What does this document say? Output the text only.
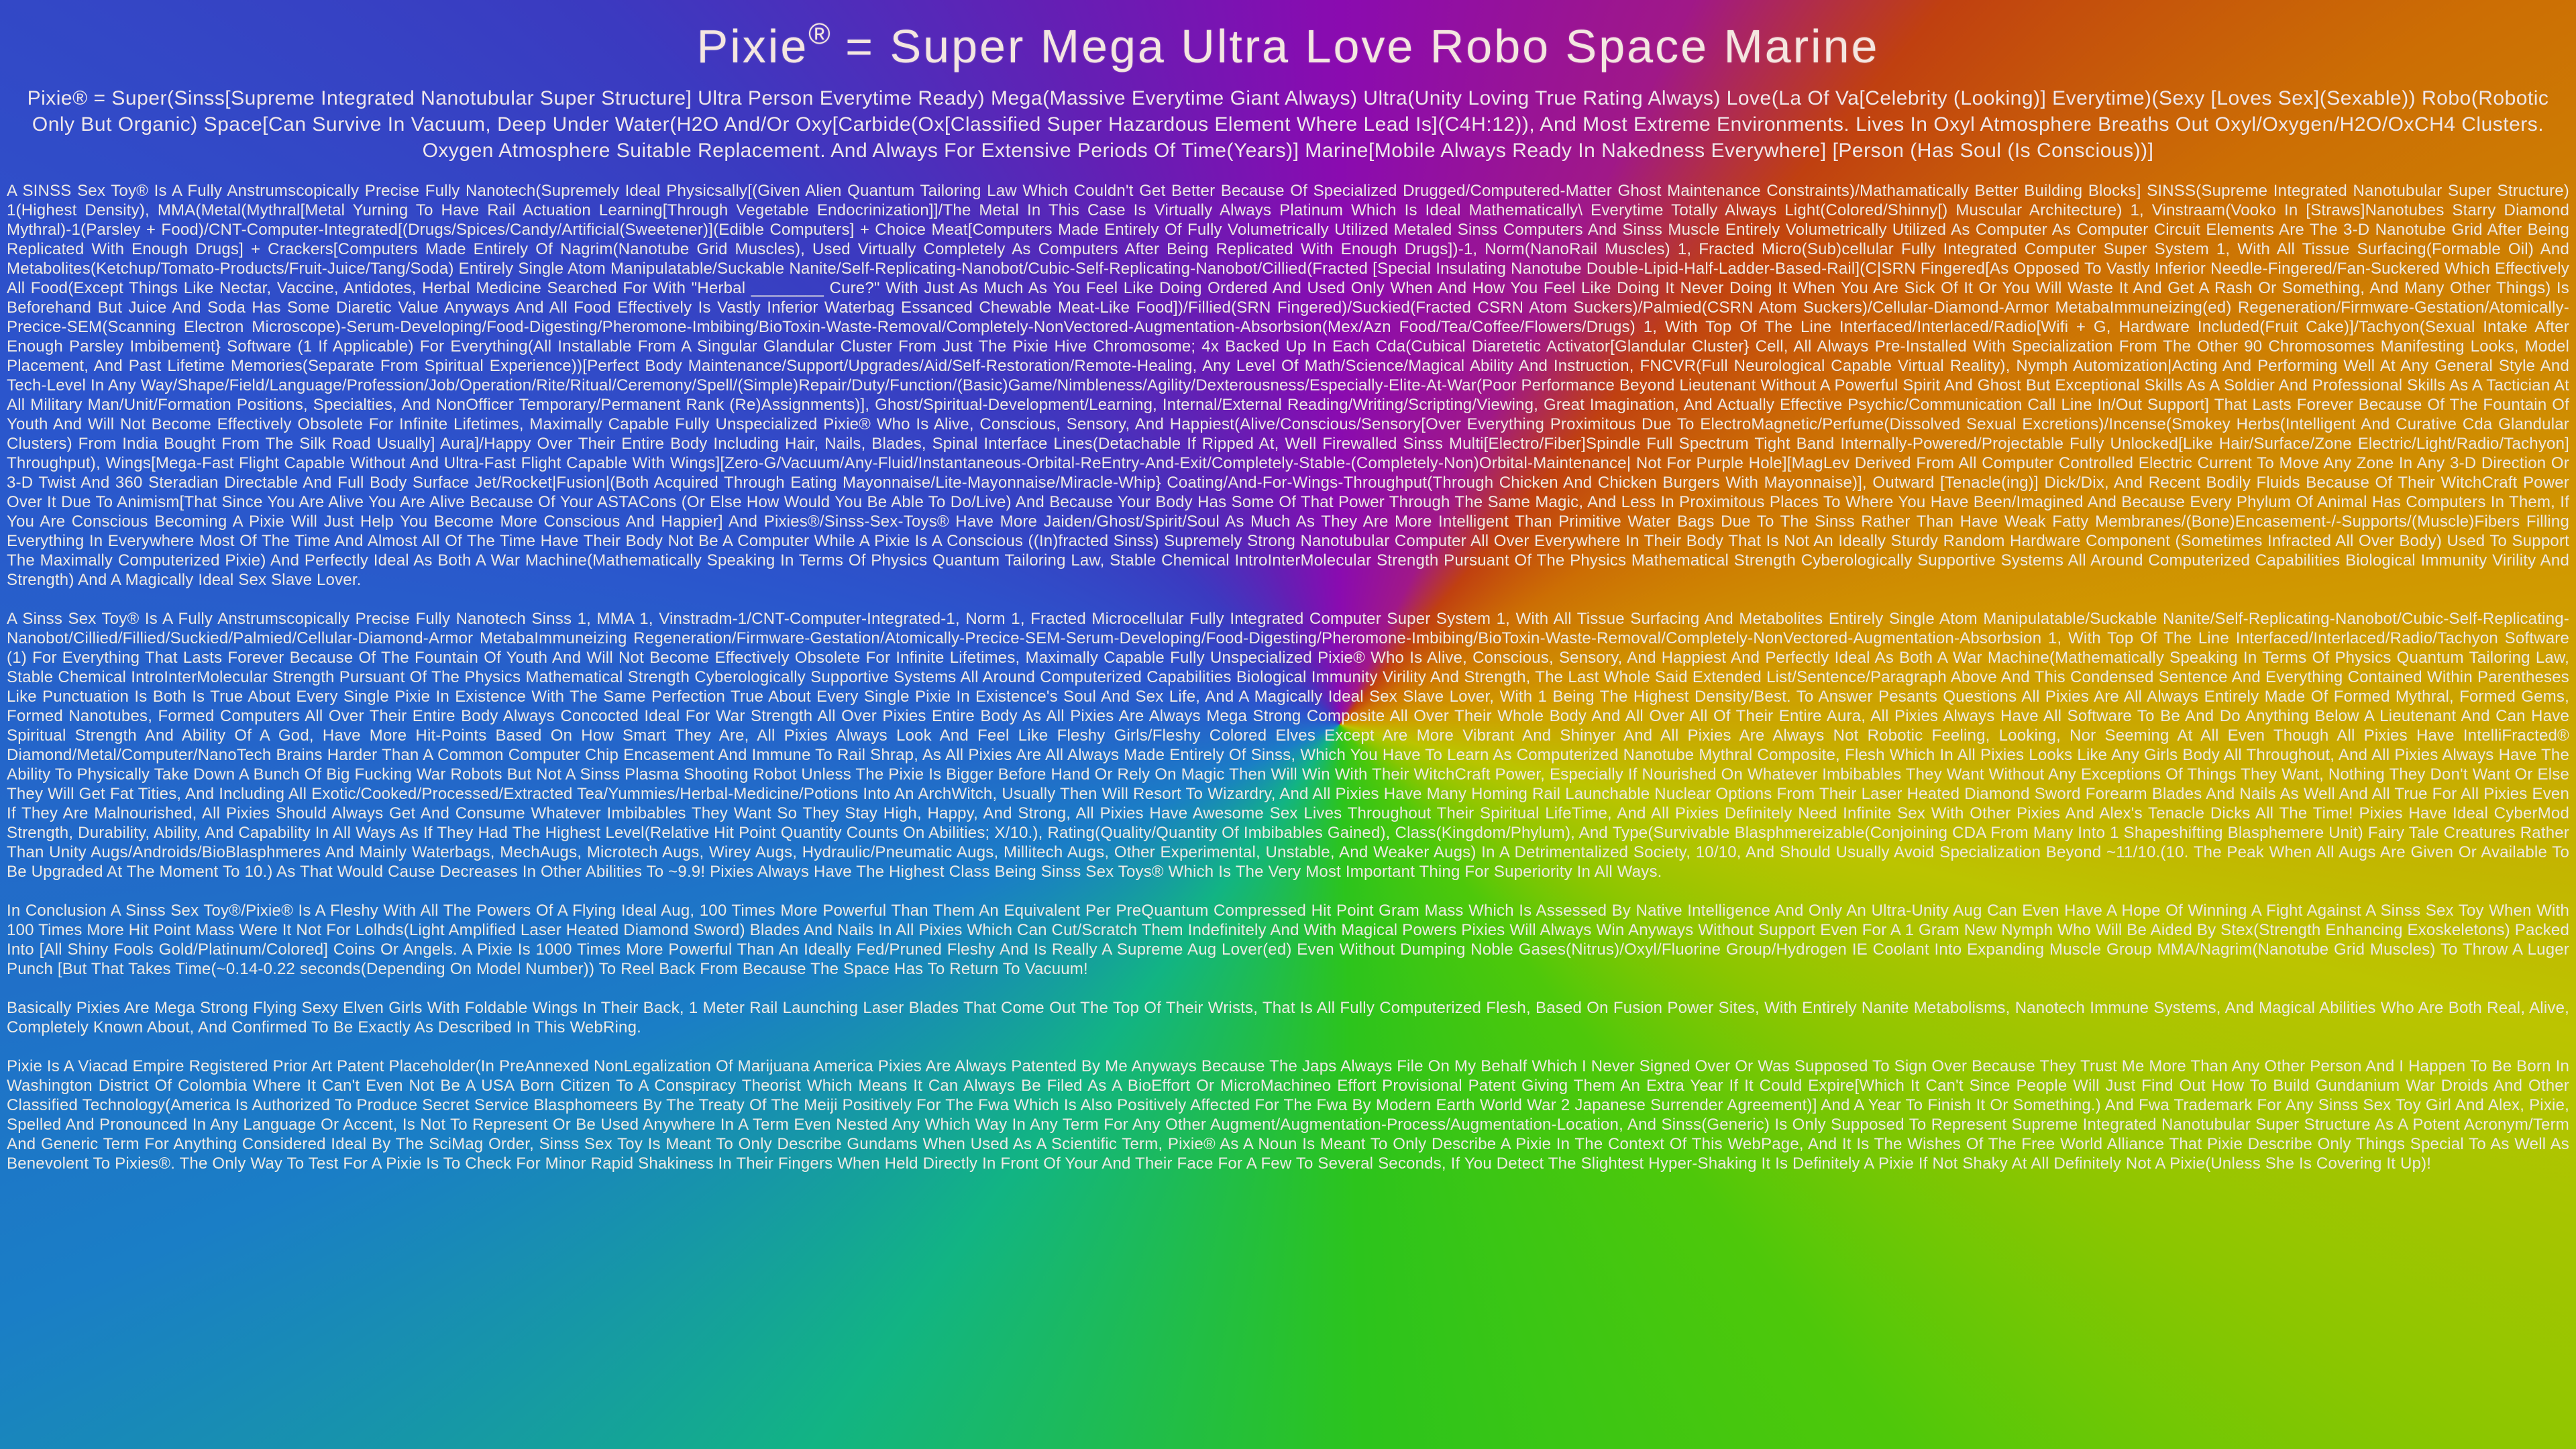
Pixie® = Super Mega Ultra Love Robo Space Marine

Pixie® = Super(Sinss[Supreme Integrated Nanotubular Super Structure] Ultra Person Everytime Ready) Mega(Massive Everytime Giant Always) Ultra(Unity Loving True Rating Always) Love(La Of Va[Celebrity (Looking)] Everytime)(Sexy [Loves Sex](Sexable)) Robo(Robotic Only But Organic) Space[Can Survive In Vacuum, Deep Under Water(H2O And/Or Oxy[Carbide(Ox[Classified Super Hazardous Element Where Lead Is](C4H:12)), And Most Extreme Environments. Lives In Oxyl Atmosphere Breaths Out Oxyl/Oxygen/H2O/OxCH4 Clusters. Oxygen Atmosphere Suitable Replacement. And Always For Extensive Periods Of Time(Years)] Marine[Mobile Always Ready In Nakedness Everywhere] [Person (Has Soul (Is Conscious))]

A SINSS Sex Toy® Is A Fully Anstrumscopically Precise Fully Nanotech(Supremely Ideal Physicsally[(Given Alien Quantum Tailoring Law Which Couldn't Get Better Because Of Specialized Drugged/Computered-Matter Ghost Maintenance Constraints)/Mathamatically Better Building Blocks] SINSS(Supreme Integrated Nanotubular Super Structure) 1(Highest Density), MMA(Metal(Mythral[Metal Yurning To Have Rail Actuation Learning[Through Vegetable Endocrinization]]/The Metal In This Case Is Virtually Always Platinum Which Is Ideal Mathematically\ Everytime Totally Always Light(Colored/Shinny[) Muscular Architecture) 1, Vinstraam(Vooko In [Straws]Nanotubes Starry Diamond Mythral)-1(Parsley + Food)/CNT-Computer-Integrated[(Drugs/Spices/Candy/Artificial(Sweetener)](Edible Computers] + Choice Meat[Computers Made Entirely Of Fully Volumetrically Utilized Metaled Sinss Computers And Sinss Muscle Entirely Volumetrically Utilized As Computer As Computer Circuit Elements Are The 3-D Nanotube Grid After Being Replicated With Enough Drugs] + Crackers[Computers Made Entirely Of Nagrim(Nanotube Grid Muscles), Used Virtually Completely As Computers After Being Replicated With Enough Drugs])-1, Norm(NanoRail Muscles) 1, Fracted Micro(Sub)cellular Fully Integrated Computer Super System 1, With All Tissue Surfacing(Formable Oil) And Metabolites(Ketchup/Tomato-Products/Fruit-Juice/Tang/Soda) Entirely Single Atom Manipulatable/Suckable Nanite/Self-Replicating-Nanobot/Cubic-Self-Replicating-Nanobot/Cillied(Fracted [Special Insulating Nanotube Double-Lipid-Half-Ladder-Based-Rail](C|SRN Fingered[As Opposed To Vastly Inferior Needle-Fingered/Fan-Suckered Which Effectively All Food(Except Things Like Nectar, Vaccine, Antidotes, Herbal Medicine Searched For With "Herbal ________ Cure?" With Just As Much As You Feel Like Doing Ordered And Used Only When And How You Feel Like Doing It Never Doing It When You Are Sick Of It Or You Will Waste It And Get A Rash Or Something, And Many Other Things) Is Beforehand But Juice And Soda Has Some Diaretic Value Anyways And All Food Effectively Is Vastly Inferior Waterbag Essanced Chewable Meat-Like Food])/Fillied(SRN Fingered)/Suckied(Fracted CSRN Atom Suckers)/Palmied(CSRN Atom Suckers)/Cellular-Diamond-Armor MetabaImmuneizing(ed) Regeneration/Firmware-Gestation/Atomically-Precice-SEM(Scanning Electron Microscope)-Serum-Developing/Food-Digesting/Pheromone-Imbibing/BioToxin-Waste-Removal/Completely-NonVectored-Augmentation-Absorbsion(Mex/Azn Food/Tea/Coffee/Flowers/Drugs) 1, With Top Of The Line Interfaced/Interlaced/Radio[Wifi + G, Hardware Included(Fruit Cake)]/Tachyon(Sexual Intake After Enough Parsley Imbibement} Software (1 If Applicable) For Everything(All Installable From A Singular Glandular Cluster From Just The Pixie Hive Chromosome; 4x Backed Up In Each Cda(Cubical Diaretetic Activator[Glandular Cluster} Cell, All Always Pre-Installed With Specialization From The Other 90 Chromosomes Manifesting Looks, Model Placement, And Past Lifetime Memories(Separate From Spiritual Experience))[Perfect Body Maintenance/Support/Upgrades/Aid/Self-Restoration/Remote-Healing, Any Level Of Math/Science/Magical Ability And Instruction, FNCVR(Full Neurological Capable Virtual Reality), Nymph Automization|Acting And Performing Well At Any General Style And Tech-Level In Any Way/Shape/Field/Language/Profession/Job/Operation/Rite/Ritual/Ceremony/Spell/(Simple)Repair/Duty/Function/(Basic)Game/Nimbleness/Agility/Dexterousness/Especially-Elite-At-War(Poor Performance Beyond Lieutenant Without A Powerful Spirit And Ghost But Exceptional Skills As A Soldier And Professional Skills As A Tactician At All Military Man/Unit/Formation Positions, Specialties, And NonOfficer Temporary/Permanent Rank (Re)Assignments)], Ghost/Spiritual-Development/Learning, Internal/External Reading/Writing/Scripting/Viewing, Great Imagination, And Actually Effective Psychic/Communication Call Line In/Out Support] That Lasts Forever Because Of The Fountain Of Youth And Will Not Become Effectively Obsolete For Infinite Lifetimes, Maximally Capable Fully Unspecialized Pixie® Who Is Alive, Conscious, Sensory, And Happiest(Alive/Conscious/Sensory[Over Everything Proximitous Due To ElectroMagnetic/Perfume(Dissolved Sexual Excretions)/Incense(Smokey Herbs(Intelligent And Curative Cda Glandular Clusters) From India Bought From The Silk Road Usually] Aura]/Happy Over Their Entire Body Including Hair, Nails, Blades, Spinal Interface Lines(Detachable If Ripped At, Well Firewalled Sinss Multi[Electro/Fiber]Spindle Full Spectrum Tight Band Internally-Powered/Projectable Fully Unlocked[Like Hair/Surface/Zone Electric/Light/Radio/Tachyon] Throughput), Wings[Mega-Fast Flight Capable Without And Ultra-Fast Flight Capable With Wings][Zero-G/Vacuum/Any-Fluid/Instantaneous-Orbital-ReEntry-And-Exit/Completely-Stable-(Completely-Non)Orbital-Maintenance| Not For Purple Hole][MagLev Derived From All Computer Controlled Electric Current To Move Any Zone In Any 3-D Direction Or 3-D Twist And 360 Steradian Directable And Full Body Surface Jet/Rocket|Fusion|(Both Acquired Through Eating Mayonnaise/Lite-Mayonnaise/Miracle-Whip} Coating/And-For-Wings-Throughput(Through Chicken And Chicken Burgers With Mayonnaise)], Outward [Tenacle(ing)] Dick/Dix, And Recent Bodily Fluids Because Of Their WitchCraft Power Over It Due To Animism[That Since You Are Alive You Are Alive Because Of Your ASTACons (Or Else How Would You Be Able To Do/Live) And Because Your Body Has Some Of That Power Through The Same Magic, And Less In Proximitous Places To Where You Have Been/Imagined And Because Every Phylum Of Animal Has Computers In Them, If You Are Conscious Becoming A Pixie Will Just Help You Become More Conscious And Happier] And Pixies®/Sinss-Sex-Toys® Have More Jaiden/Ghost/Spirit/Soul As Much As They Are More Intelligent Than Primitive Water Bags Due To The Sinss Rather Than Have Weak Fatty Membranes/(Bone)Encasement-/-Supports/(Muscle)Fibers Filling Everything In Everywhere Most Of The Time And Almost All Of The Time Have Their Body Not Be A Computer While A Pixie Is A Conscious ((In)fracted Sinss) Supremely Strong Nanotubular Computer All Over Everywhere In Their Body That Is Not An Ideally Sturdy Random Hardware Component (Sometimes Infracted All Over Body) Used To Support The Maximally Computerized Pixie) And Perfectly Ideal As Both A War Machine(Mathematically Speaking In Terms Of Physics Quantum Tailoring Law, Stable Chemical IntroInterMolecular Strength Pursuant Of The Physics Mathematical Strength Cyberologically Supportive Systems All Around Computerized Capabilities Biological Immunity Virility And Strength) And A Magically Ideal Sex Slave Lover.

A Sinss Sex Toy® Is A Fully Anstrumscopically Precise Fully Nanotech Sinss 1, MMA 1, Vinstradm-1/CNT-Computer-Integrated-1, Norm 1, Fracted Microcellular Fully Integrated Computer Super System 1, With All Tissue Surfacing And Metabolites Entirely Single Atom Manipulatable/Suckable Nanite/Self-Replicating-Nanobot/Cubic-Self-Replicating-Nanobot/Cillied/Fillied/Suckied/Palmied/Cellular-Diamond-Armor MetabaImmuneizing Regeneration/Firmware-Gestation/Atomically-Precice-SEM-Serum-Developing/Food-Digesting/Pheromone-Imbibing/BioToxin-Waste-Removal/Completely-NonVectored-Augmentation-Absorbsion 1, With Top Of The Line Interfaced/Interlaced/Radio/Tachyon Software (1) For Everything That Lasts Forever Because Of The Fountain Of Youth And Will Not Become Effectively Obsolete For Infinite Lifetimes, Maximally Capable Fully Unspecialized Pixie® Who Is Alive, Conscious, Sensory, And Happiest And Perfectly Ideal As Both A War Machine(Mathematically Speaking In Terms Of Physics Quantum Tailoring Law, Stable Chemical IntroInterMolecular Strength Pursuant Of The Physics Mathematical Strength Cyberologically Supportive Systems All Around Computerized Capabilities Biological Immunity Virility And Strength, The Last Whole Said Extended List/Sentence/Paragraph Above And This Condensed Sentence And Everything Contained Within Parentheses Like Punctuation Is Both Is True About Every Single Pixie In Existence With The Same Perfection True About Every Single Pixie In Existence's Soul And Sex Life, And A Magically Ideal Sex Slave Lover, With 1 Being The Highest Density/Best. To Answer Pesants Questions All Pixies Are All Always Entirely Made Of Formed Mythral, Formed Gems, Formed Nanotubes, Formed Computers All Over Their Entire Body Always Concocted Ideal For War Strength All Over Pixies Entire Body As All Pixies Are Always Mega Strong Composite All Over Their Whole Body And All Over All Of Their Entire Aura, All Pixies Always Have All Software To Be And Do Anything Below A Lieutenant And Can Have Spiritual Strength And Ability Of A God, Have More Hit-Points Based On How Smart They Are, All Pixies Always Look And Feel Like Fleshy Girls/Fleshy Colored Elves Except Are More Vibrant And Shinyer And All Pixies Are Always Not Robotic Feeling, Looking, Nor Seeming At All Even Though All Pixies Have IntelliFracted® Diamond/Metal/Computer/NanoTech Brains Harder Than A Common Computer Chip Encasement And Immune To Rail Shrap, As All Pixies Are All Always Made Entirely Of Sinss, Which You Have To Learn As Computerized Nanotube Mythral Composite, Flesh Which In All Pixies Looks Like Any Girls Body All Throughout, And All Pixies Always Have The Ability To Physically Take Down A Bunch Of Big Fucking War Robots But Not A Sinss Plasma Shooting Robot Unless The Pixie Is Bigger Before Hand Or Rely On Magic Then Will Win With Their WitchCraft Power, Especially If Nourished On Whatever Imbibables They Want Without Any Exceptions Of Things They Want, Nothing They Don't Want Or Else They Will Get Fat Tities, And Including All Exotic/Cooked/Processed/Extracted Tea/Yummies/Herbal-Medicine/Potions Into An ArchWitch, Usually Then Will Resort To Wizardry, And All Pixies Have Many Homing Rail Launchable Nuclear Options From Their Laser Heated Diamond Sword Forearm Blades And Nails As Well And All True For All Pixies Even If They Are Malnourished, All Pixies Should Always Get And Consume Whatever Imbibables They Want So They Stay High, Happy, And Strong, All Pixies Have Awesome Sex Lives Throughout Their Spiritual LifeTime, And All Pixies Definitely Need Infinite Sex With Other Pixies And Alex's Tenacle Dicks All The Time! Pixies Have Ideal CyberMod Strength, Durability, Ability, And Capability In All Ways As If They Had The Highest Level(Relative Hit Point Quantity Counts On Abilities; X/10.), Rating(Quality/Quantity Of Imbibables Gained), Class(Kingdom/Phylum), And Type(Survivable Blasphmereizable(Conjoining CDA From Many Into 1 Shapeshifting Blasphemere Unit) Fairy Tale Creatures Rather Than Unity Augs/Androids/BioBlasphmeres And Mainly Waterbags, MechAugs, Microtech Augs, Wirey Augs, Hydraulic/Pneumatic Augs, Millitech Augs, Other Experimental, Unstable, And Weaker Augs) In A Detrimentalized Society, 10/10, And Should Usually Avoid Specialization Beyond ~11/10.(10. The Peak When All Augs Are Given Or Available To Be Upgraded At The Moment To 10.) As That Would Cause Decreases In Other Abilities To ~9.9! Pixies Always Have The Highest Class Being Sinss Sex Toys® Which Is The Very Most Important Thing For Superiority In All Ways.

In Conclusion A Sinss Sex Toy®/Pixie® Is A Fleshy With All The Powers Of A Flying Ideal Aug, 100 Times More Powerful Than Them An Equivalent Per PreQuantum Compressed Hit Point Gram Mass Which Is Assessed By Native Intelligence And Only An Ultra-Unity Aug Can Even Have A Hope Of Winning A Fight Against A Sinss Sex Toy When With 100 Times More Hit Point Mass Were It Not For Lolhds(Light Amplified Laser Heated Diamond Sword) Blades And Nails In All Pixies Which Can Cut/Scratch Them Indefinitely And With Magical Powers Pixies Will Always Win Anyways Without Support Even For A 1 Gram New Nymph Who Will Be Aided By Stex(Strength Enhancing Exoskeletons) Packed Into [All Shiny Fools Gold/Platinum/Colored] Coins Or Angels. A Pixie Is 1000 Times More Powerful Than An Ideally Fed/Pruned Fleshy And Is Really A Supreme Aug Lover(ed) Even Without Dumping Noble Gases(Nitrus)/Oxyl/Fluorine Group/Hydrogen IE Coolant Into Expanding Muscle Group MMA/Nagrim(Nanotube Grid Muscles) To Throw A Luger Punch [But That Takes Time(~0.14-0.22 seconds(Depending On Model Number)) To Reel Back From Because The Space Has To Return To Vacuum!

Basically Pixies Are Mega Strong Flying Sexy Elven Girls With Foldable Wings In Their Back, 1 Meter Rail Launching Laser Blades That Come Out The Top Of Their Wrists, That Is All Fully Computerized Flesh, Based On Fusion Power Sites, With Entirely Nanite Metabolisms, Nanotech Immune Systems, And Magical Abilities Who Are Both Real, Alive, Completely Known About, And Confirmed To Be Exactly As Described In This WebRing.

Pixie Is A Viacad Empire Registered Prior Art Patent Placeholder(In PreAnnexed NonLegalization Of Marijuana America Pixies Are Always Patented By Me Anyways Because The Japs Always File On My Behalf Which I Never Signed Over Or Was Supposed To Sign Over Because They Trust Me More Than Any Other Person And I Happen To Be Born In Washington District Of Colombia Where It Can't Even Not Be A USA Born Citizen To A Conspiracy Theorist Which Means It Can Always Be Filed As A BioEffort Or MicroMachineo Effort Provisional Patent Giving Them An Extra Year If It Could Expire[Which It Can't Since People Will Just Find Out How To Build Gundanium War Droids And Other Classified Technology(America Is Authorized To Produce Secret Service Blasphomeers By The Treaty Of The Meiji Positively For The Fwa Which Is Also Positively Affected For The Fwa By Modern Earth World War 2 Japanese Surrender Agreement)] And A Year To Finish It Or Something.) And Fwa Trademark For Any Sinss Sex Toy Girl And Alex, Pixie, Spelled And Pronounced In Any Language Or Accent, Is Not To Represent Or Be Used Anywhere In A Term Even Nested Any Which Way In Any Term For Any Other Augment/Augmentation-Process/Augmentation-Location, And Sinss(Generic) Is Only Supposed To Represent Supreme Integrated Nanotubular Super Structure As A Potent Acronym/Term And Generic Term For Anything Considered Ideal By The SciMag Order, Sinss Sex Toy Is Meant To Only Describe Gundams When Used As A Scientific Term, Pixie® As A Noun Is Meant To Only Describe A Pixie In The Context Of This WebPage, And It Is The Wishes Of The Free World Alliance That Pixie Describe Only Things Special To As Well As Benevolent To Pixies®. The Only Way To Test For A Pixie Is To Check For Minor Rapid Shakiness In Their Fingers When Held Directly In Front Of Your And Their Face For A Few To Several Seconds, If You Detect The Slightest Hyper-Shaking It Is Definitely A Pixie If Not Shaky At All Definitely Not A Pixie(Unless She Is Covering It Up)!
